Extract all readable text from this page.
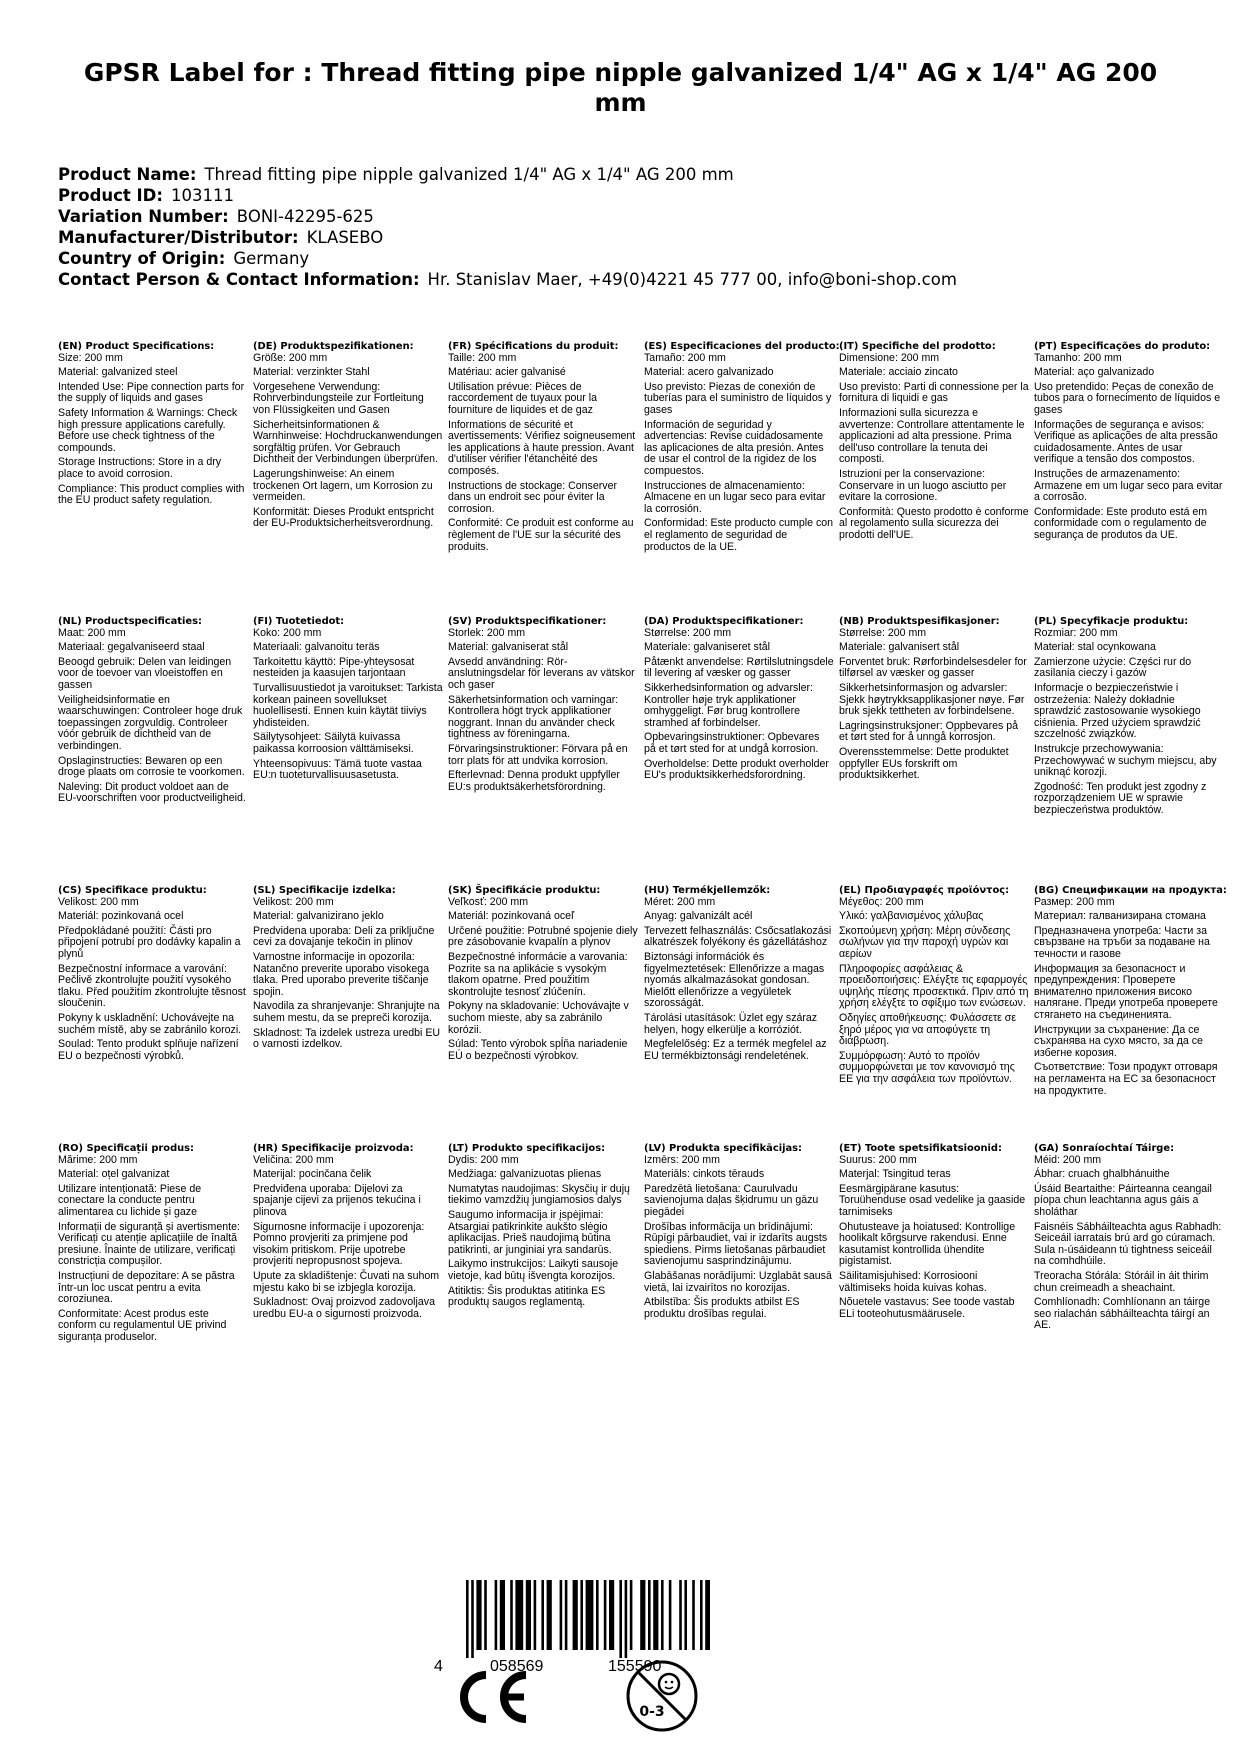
GPSR Label for : Thread fitting pipe nipple galvanized 1/4" AG x 1/4" AG 200 mm
Product Name: Thread fitting pipe nipple galvanized 1/4" AG x 1/4" AG 200 mm
Product ID: 103111
Variation Number: BONI-42295-625
Manufacturer/Distributor: KLASEBO
Country of Origin: Germany
Contact Person & Contact Information: Hr. Stanislav Maer, +49(0)4221 45 777 00, info@boni-shop.com
(EN) Product Specifications:
Size: 200 mm
Material: galvanized steel
Intended Use: Pipe connection parts for the supply of liquids and gases
Safety Information & Warnings: Check high pressure applications carefully. Before use check tightness of the compounds.
Storage Instructions: Store in a dry place to avoid corrosion.
Compliance: This product complies with the EU product safety regulation.
(DE) Produktspezifikationen:
Größe: 200 mm
Material: verzinkter Stahl
Vorgesehene Verwendung: Rohrverbindungsteile zur Fortleitung von Flüssigkeiten und Gasen
Sicherheitsinformationen & Warnhinweise: Hochdruckanwendungen sorgfältig prüfen. Vor Gebrauch Dichtheit der Verbindungen überprüfen.
Lagerungshinweise: An einem trockenen Ort lagern, um Korrosion zu vermeiden.
Konformität: Dieses Produkt entspricht der EU-Produktsicherheitsverordnung.
(FR) Spécifications du produit:
Taille: 200 mm
Matériau: acier galvanisé
Utilisation prévue: Pièces de raccordement de tuyaux pour la fourniture de liquides et de gaz
Informations de sécurité et avertissements: Vérifiez soigneusement les applications à haute pression. Avant d'utiliser vérifier l'étanchéité des composés.
Instructions de stockage: Conserver dans un endroit sec pour éviter la corrosion.
Conformité: Ce produit est conforme au règlement de l'UE sur la sécurité des produits.
(ES) Especificaciones del producto:
Tamaño: 200 mm
Material: acero galvanizado
Uso previsto: Piezas de conexión de tuberías para el suministro de líquidos y gases
Información de seguridad y advertencias: Revise cuidadosamente las aplicaciones de alta presión. Antes de usar el control de la rigidez de los compuestos.
Instrucciones de almacenamiento: Almacene en un lugar seco para evitar la corrosión.
Conformidad: Este producto cumple con el reglamento de seguridad de productos de la UE.
(IT) Specifiche del prodotto:
Dimensione: 200 mm
Materiale: acciaio zincato
Uso previsto: Parti di connessione per la fornitura di liquidi e gas
Informazioni sulla sicurezza e avvertenze: Controllare attentamente le applicazioni ad alta pressione. Prima dell'uso controllare la tenuta dei composti.
Istruzioni per la conservazione: Conservare in un luogo asciutto per evitare la corrosione.
Conformità: Questo prodotto è conforme al regolamento sulla sicurezza dei prodotti dell'UE.
(PT) Especificações do produto:
Tamanho: 200 mm
Material: aço galvanizado
Uso pretendido: Peças de conexão de tubos para o fornecimento de líquidos e gases
Informações de segurança e avisos: Verifique as aplicações de alta pressão cuidadosamente. Antes de usar verifique a tensão dos compostos.
Instruções de armazenamento: Armazene em um lugar seco para evitar a corrosão.
Conformidade: Este produto está em conformidade com o regulamento de segurança de produtos da UE.
(NL) Productspecificaties:
Maat: 200 mm
Materiaal: gegalvaniseerd staal
Beoogd gebruik: Delen van leidingen voor de toevoer van vloeistoffen en gassen
Veiligheidsinformatie en waarschuwingen: Controleer hoge druk toepassingen zorgvuldig. Controleer vóór gebruik de dichtheid van de verbindingen.
Opslaginstructies: Bewaren op een droge plaats om corrosie te voorkomen.
Naleving: Dit product voldoet aan de EU-voorschriften voor productveiligheid.
(FI) Tuotetiedot:
Koko: 200 mm
Materiaali: galvanoitu teräs
Tarkoitettu käyttö: Pipe-yhteysosat nesteiden ja kaasujen tarjontaan
Turvallisuustiedot ja varoitukset: Tarkista korkean paineen sovellukset huolellisesti. Ennen kuin käytät tiiviys yhdisteiden.
Säilytysohjeet: Säilytä kuivassa paikassa korroosion välttämiseksi.
Yhteensopivuus: Tämä tuote vastaa EU:n tuoteturvallisuusasetusta.
(SV) Produktspecifikationer:
Storlek: 200 mm
Material: galvaniserat stål
Avsedd användning: Rör-anslutningsdelar för leverans av vätskor och gaser
Säkerhetsinformation och varningar: Kontrollera högt tryck applikationer noggrant. Innan du använder check tightness av föreningarna.
Förvaringsinstruktioner: Förvara på en torr plats för att undvika korrosion.
Efterlevnad: Denna produkt uppfyller EU:s produktsäkerhetsförordning.
(DA) Produktspecifikationer:
Størrelse: 200 mm
Materiale: galvaniseret stål
Påtænkt anvendelse: Rørtilslutningsdele til levering af væsker og gasser
Sikkerhedsinformation og advarsler: Kontroller høje tryk applikationer omhyggeligt. Før brug kontrollere stramhed af forbindelser.
Opbevaringsinstruktioner: Opbevares på et tørt sted for at undgå korrosion.
Overholdelse: Dette produkt overholder EU's produktsikkerhedsforordning.
(NB) Produktspesifikasjoner:
Størrelse: 200 mm
Materiale: galvanisert stål
Forventet bruk: Rørforbindelsesdeler for tilførsel av væsker og gasser
Sikkerhetsinformasjon og advarsler: Sjekk høytrykksapplikasjoner nøye. Før bruk sjekk tettheten av forbindelsene.
Lagringsinstruksjoner: Oppbevares på et tørt sted for å unngå korrosjon.
Overensstemmelse: Dette produktet oppfyller EUs forskrift om produktsikkerhet.
(PL) Specyfikacje produktu:
Rozmiar: 200 mm
Materiał: stal ocynkowana
Zamierzone użycie: Części rur do zasilania cieczy i gazów
Informacje o bezpieczeństwie i ostrzeżenia: Należy dokładnie sprawdzić zastosowanie wysokiego ciśnienia. Przed użyciem sprawdzić szczelność związków.
Instrukcje przechowywania: Przechowywać w suchym miejscu, aby uniknąć korozji.
Zgodność: Ten produkt jest zgodny z rozporządzeniem UE w sprawie bezpieczeństwa produktów.
(CS) Specifikace produktu:
Velikost: 200 mm
Materiál: pozinkovaná ocel
Předpokládané použití: Části pro připojení potrubí pro dodávky kapalin a plynů
Bezpečnostní informace a varování: Pečlivě zkontrolujte použití vysokého tlaku. Před použitím zkontrolujte těsnost sloučenin.
Pokyny k uskladnění: Uchovávejte na suchém místě, aby se zabránilo korozi.
Soulad: Tento produkt splňuje nařízení EU o bezpečnosti výrobků.
(SL) Specifikacije izdelka:
Velikost: 200 mm
Material: galvanizirano jeklo
Predvidena uporaba: Deli za priključne cevi za dovajanje tekočin in plinov
Varnostne informacije in opozorila: Natančno preverite uporabo visokega tlaka. Pred uporabo preverite tiščanje spojin.
Navodila za shranjevanje: Shranjujte na suhem mestu, da se prepreči korozija.
Skladnost: Ta izdelek ustreza uredbi EU o varnosti izdelkov.
(SK) Špecifikácie produktu:
Veľkosť: 200 mm
Materiál: pozinkovaná oceľ
Určené použitie: Potrubné spojenie diely pre zásobovanie kvapalín a plynov
Bezpečnostné informácie a varovania: Pozrite sa na aplikácie s vysokým tlakom opatrne. Pred použitím skontrolujte tesnosť zlúčenín.
Pokyny na skladovanie: Uchovávajte v suchom mieste, aby sa zabránilo korózii.
Súlad: Tento výrobok spĺňa nariadenie EÚ o bezpečnosti výrobkov.
(HU) Termékjellemzők:
Méret: 200 mm
Anyag: galvanizált acél
Tervezett felhasználás: Csőcsatlakozási alkatrészek folyékony és gázellátáshoz
Biztonsági információk és figyelmeztetések: Ellenőrizze a magas nyomás alkalmazásokat gondosan. Mielőtt ellenőrizze a vegyületek szorosságát.
Tárolási utasítások: Üzlet egy száraz helyen, hogy elkerülje a korróziót.
Megfelelőség: Ez a termék megfelel az EU termékbiztonsági rendeletének.
(EL) Προδιαγραφές προϊόντος:
Μέγεθος: 200 mm
Υλικό: γαλβανισμένος χάλυβας
Σκοπούμενη χρήση: Μέρη σύνδεσης σωλήνων για την παροχή υγρών και αερίων
Πληροφορίες ασφάλειας & προειδοποιήσεις: Ελέγξτε τις εφαρμογές υψηλής πίεσης προσεκτικά. Πριν από τη χρήση ελέγξτε το σφίξιμο των ενώσεων.
Οδηγίες αποθήκευσης: Φυλάσσετε σε ξηρό μέρος για να αποφύγετε τη διάβρωση.
Συμμόρφωση: Αυτό το προϊόν συμμορφώνεται με τον κανονισμό της ΕΕ για την ασφάλεια των προϊόντων.
(BG) Спецификации на продукта:
Размер: 200 mm
Материал: галванизирана стомана
Предназначена употреба: Части за свързване на тръби за подаване на течности и газове
Информация за безопасност и предупреждения: Проверете внимателно приложения високо налягане. Преди употреба проверете стягането на съединенията.
Инструкции за съхранение: Да се съхранява на сухо място, за да се избегне корозия.
Съответствие: Този продукт отговаря на регламента на ЕС за безопасност на продуктите.
(RO) Specificații produs:
Mărime: 200 mm
Material: oțel galvanizat
Utilizare intenționată: Piese de conectare la conducte pentru alimentarea cu lichide și gaze
Informații de siguranță și avertismente: Verificați cu atenție aplicațiile de înaltă presiune. Înainte de utilizare, verificați constricția compușilor.
Instrucțiuni de depozitare: A se păstra într-un loc uscat pentru a evita coroziunea.
Conformitate: Acest produs este conform cu regulamentul UE privind siguranța produselor.
(HR) Specifikacije proizvoda:
Veličina: 200 mm
Materijal: pocinčana čelik
Predviđena uporaba: Dijelovi za spajanje cijevi za prijenos tekućina i plinova
Sigurnosne informacije i upozorenja: Pomno provjeriti za primjene pod visokim pritiskom. Prije upotrebe provjeriti nepropusnost spojeva.
Upute za skladištenje: Čuvati na suhom mjestu kako bi se izbjegla korozija.
Sukladnost: Ovaj proizvod zadovoljava uredbu EU-a o sigurnosti proizvoda.
(LT) Produkto specifikacijos:
Dydis: 200 mm
Medžiaga: galvanizuotas plienas
Numatytas naudojimas: Skysčių ir dujų tiekimo vamzdžių jungiamosios dalys
Saugumo informacija ir įspėjimai: Atsargiai patikrinkite aukšto slėgio aplikacijas. Prieš naudojimą būtina patikrinti, ar junginiai yra sandarūs.
Laikymo instrukcijos: Laikyti sausoje vietoje, kad būtų išvengta korozijos.
Atitiktis: Šis produktas atitinka ES produktų saugos reglamentą.
(LV) Produkta specifikācijas:
Izmērs: 200 mm
Materiāls: cinkots tērauds
Paredzētā lietošana: Caurulvadu savienojuma daļas šķidrumu un gāzu piegādei
Drošības informācija un brīdinājumi: Rūpīgi pārbaudiet, vai ir izdarīts augsts spiediens. Pirms lietošanas pārbaudiet savienojumu sasprindzinājumu.
Glabāšanas norādījumi: Uzglabāt sausā vietā, lai izvairītos no korozijas.
Atbilstība: Šis produkts atbilst ES produktu drošības regulai.
(ET) Toote spetsifikatsioonid:
Suurus: 200 mm
Materjal: Tsingitud teras
Eesmärgipärane kasutus: Toruühenduse osad vedelike ja gaaside tarnimiseks
Ohutusteave ja hoiatused: Kontrollige hoolikalt kõrgsurve rakendusi. Enne kasutamist kontrollida ühendite pigistamist.
Säilitamisjuhised: Korrosiooni vältimiseks hoida kuivas kohas.
Nõuetele vastavus: See toode vastab ELi tooteohutusmäärusele.
(GA) Sonraíochtaí Táirge:
Méid: 200 mm
Ábhar: cruach ghalbhánuithe
Úsáid Beartaithe: Páirteanna ceangail píopa chun leachtanna agus gáis a sholáthar
Faisnéis Sábháilteachta agus Rabhadh: Seiceáil iarratais brú ard go cúramach. Sula n-úsáideann tú tightness seiceáil na comhdhúile.
Treoracha Stórála: Stóráil in áit thirim chun creimeadh a sheachaint.
Comhlíonadh: Comhlíonann an táirge seo rialachán sábháilteachta táirgí an AE.
4	058569	155590
0-3
